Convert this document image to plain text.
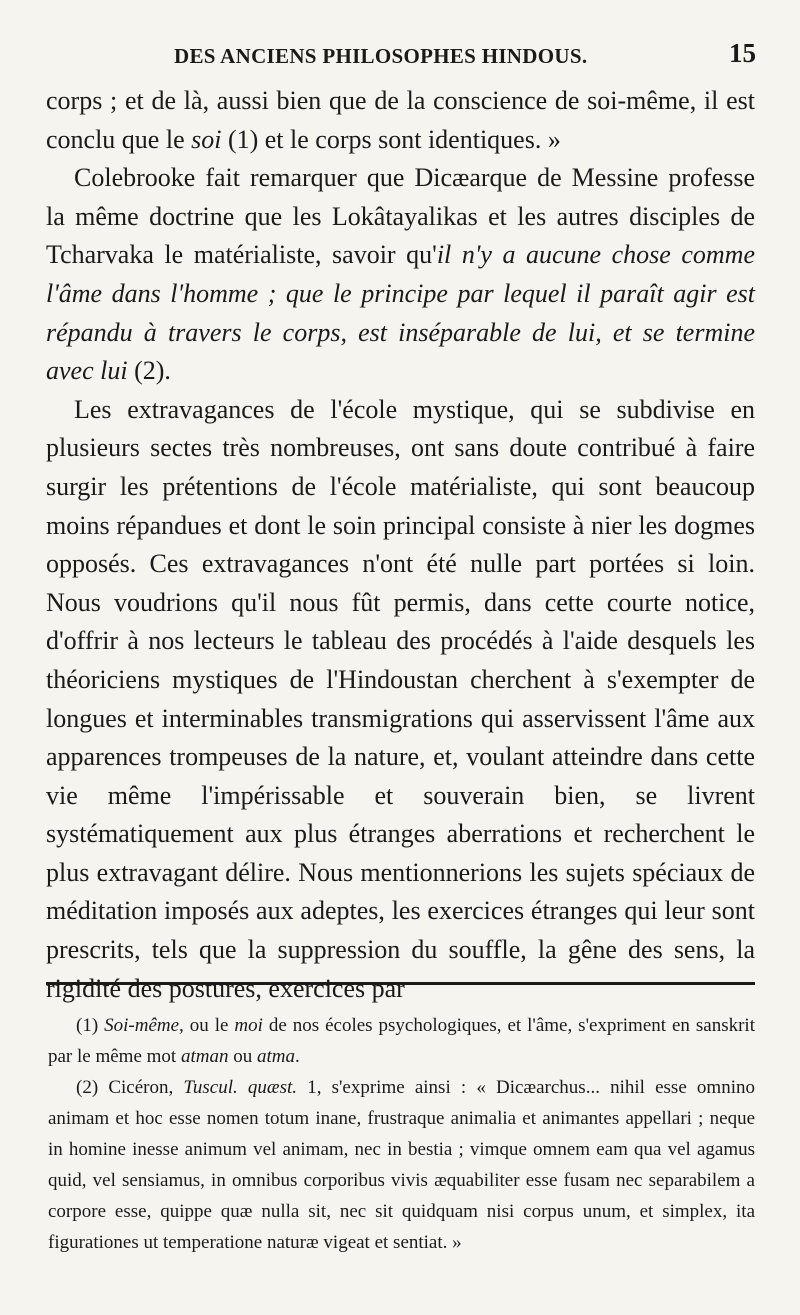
DES ANCIENS PHILOSOPHES HINDOUS.	15

corps ; et de là, aussi bien que de la conscience de soi-même, il est conclu que le soi (1) et le corps sont identiques. »

Colebrooke fait remarquer que Dicæarque de Messine professe la même doctrine que les Lokâtayalikas et les autres disciples de Tcharvaka le matérialiste, savoir qu'il n'y a aucune chose comme l'âme dans l'homme ; que le principe par lequel il paraît agir est répandu à travers le corps, est inséparable de lui, et se termine avec lui (2).

Les extravagances de l'école mystique, qui se subdivise en plusieurs sectes très nombreuses, ont sans doute contribué à faire surgir les prétentions de l'école matérialiste, qui sont beaucoup moins répandues et dont le soin principal consiste à nier les dogmes opposés. Ces extravagances n'ont été nulle part portées si loin. Nous voudrions qu'il nous fût permis, dans cette courte notice, d'offrir à nos lecteurs le tableau des procédés à l'aide desquels les théoriciens mystiques de l'Hindoustan cherchent à s'exempter de longues et interminables transmigrations qui asservissent l'âme aux apparences trompeuses de la nature, et, voulant atteindre dans cette vie même l'impérissable et souverain bien, se livrent systématiquement aux plus étranges aberrations et recherchent le plus extravagant délire. Nous mentionnerions les sujets spéciaux de méditation imposés aux adeptes, les exercices étranges qui leur sont prescrits, tels que la suppression du souffle, la gêne des sens, la rigidité des postures, exercices par

(1) Soi-même, ou le moi de nos écoles psychologiques, et l'âme, s'expriment en sanskrit par le même mot atman ou atma.

(2) Cicéron, Tuscul. quæst. 1, s'exprime ainsi : « Dicæarchus... nihil esse omnino animam et hoc esse nomen totum inane, frustraque animalia et animantes appellari ; neque in homine inesse animum vel animam, nec in bestia ; vimque omnem eam qua vel agamus quid, vel sensiamus, in omnibus corporibus vivis æquabiliter esse fusam nec separabilem a corpore esse, quippe quæ nulla sit, nec sit quidquam nisi corpus unum, et simplex, ita figurationes ut temperatione naturæ vigeat et sentiat. »
